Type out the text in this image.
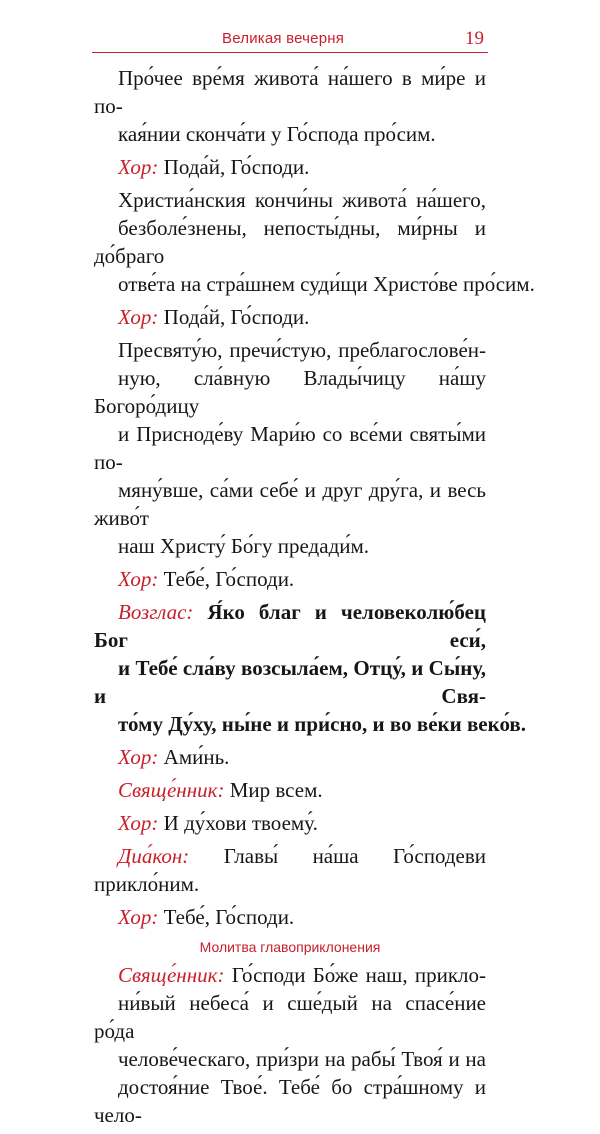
Великая вечерня	19
Про́чее вре́мя живота́ на́шего в ми́ре и по-
кая́нии сконча́ти у Го́спода про́сим.
Хор: Пода́й, Го́споди.
Христиа́нския кончи́ны живота́ на́шего,
безболе́знены, непосты́дны, ми́рны и до́браго
отве́та на стра́шнем суди́щи Христо́ве про́сим.
Хор: Пода́й, Го́споди.
Пресвяту́ю, пречи́стую, преблагослове́н-
ную, сла́вную Влады́чицу на́шу Богоро́дицу
и Присноде́ву Мари́ю со все́ми святы́ми по-
мяну́вше, са́ми себе́ и друг дру́га, и весь живо́т
наш Христу́ Бо́гу предади́м.
Хор: Тебе́, Го́споди.
Возглас: Я́ко благ и человеколю́бец Бог еси́,
и Тебе́ сла́ву возсыла́ем, Отцу́, и Сы́ну, и Свя-
то́му Ду́ху, ны́не и при́сно, и во ве́ки веко́в.
Хор: Ами́нь.
Свяще́нник: Мир всем.
Хор: И ду́хови твоему́.
Диа́кон: Главы́ на́ша Го́сподеви прикло́ним.
Хор: Тебе́, Го́споди.
Молитва главоприклонения
Свяще́нник: Го́споди Бо́же наш, прикло-
ни́вый небеса́ и сше́дый на спасе́ние ро́да
челове́ческаго, при́зри на рабы́ Твоя́ и на
достоя́ние Твое́. Тебе́ бо стра́шному и чело-
